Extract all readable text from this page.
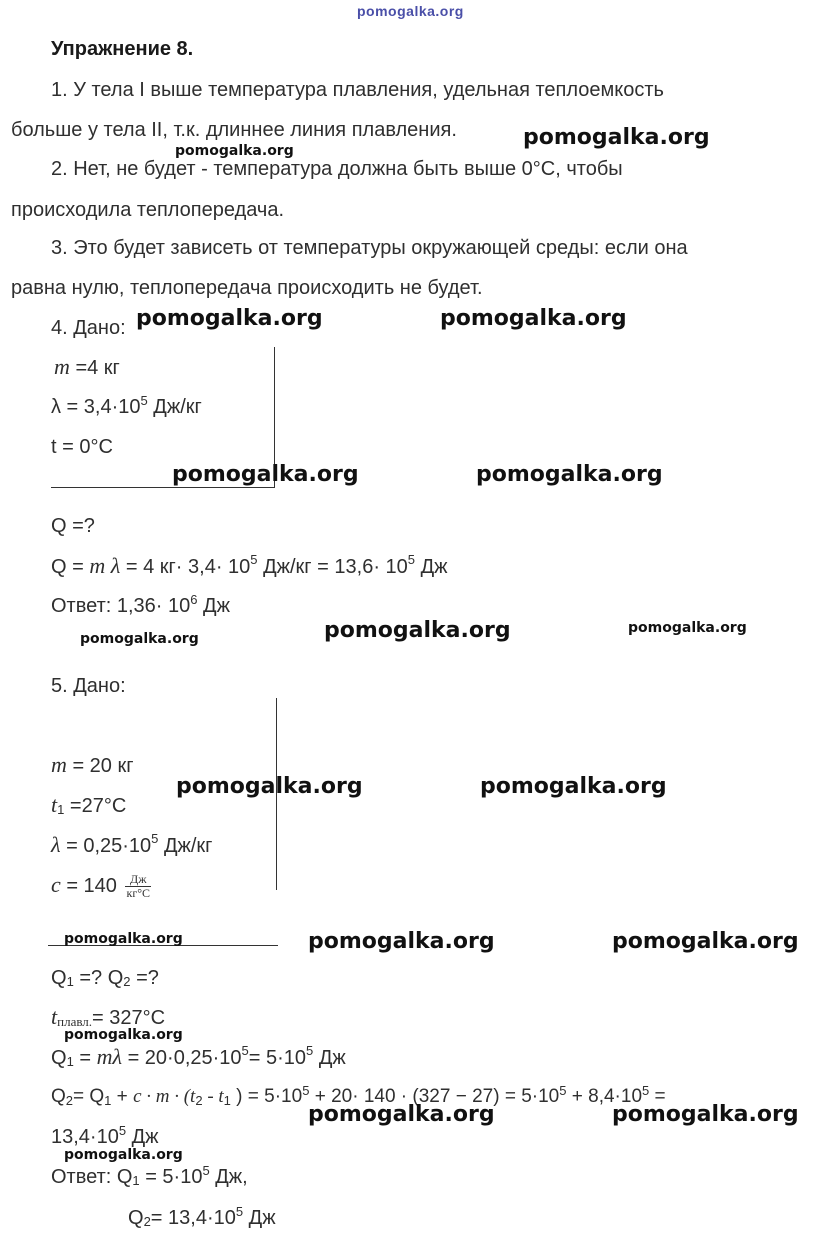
pomogalka.org
Упражнение 8.
1. У тела I выше температура плавления, удельная теплоемкость
больше у тела II, т.к. длиннее линия плавления.
2. Нет, не будет - температура должна быть выше 0°С, чтобы
происходила теплопередача.
3. Это будет зависеть от температуры окружающей среды: если она
равна нулю, теплопередача происходить не будет.
4. Дано:
m =4 кг
$\lambda = 3,4\cdot 10^5$ Дж/кг
t = 0°C
Q =?
Q = m λ = 4 $кг\cdot 3,4\cdot 10^5$ $Дж/кг = 13,6\cdot 10^5$ Дж
Ответ: $1,36\cdot 10^6$ Дж
5. Дано:
m = 20 кг
$t_1 =27^\circ C$
$\lambda = 0,25\cdot 10^5$ Дж/кг
$c = 140 \frac{Дж}{кг^\circ С}$
$Q_1$ =? $Q_2$ =?
$t_{плавл.}= 327^\circ C$
$Q_1 = m\lambda = 20\cdot 0,25\cdot 10^5= 5\cdot 10^5$ Дж
$Q_2= Q_1 + c \cdot m \cdot (t_2 - t_1$ ) = $5\cdot 10^5 + 20\cdot 140 \cdot (327 - 27) = 5\cdot 10^5 + 8,4\cdot 10^5$ =
$13,4\cdot 10^5$ Дж
Ответ: $Q_1 = 5\cdot 10^5$ Дж,
$Q_2= 13,4\cdot 10^5$ Дж
pomogalka.org
pomogalka.org
pomogalka.org	pomogalka.org
pomogalka.org	pomogalka.org
pomogalka.org	pomogalka.org	pomogalka.org
pomogalka.org	pomogalka.org
pomogalka.org	pomogalka.org	pomogalka.org
pomogalka.org
pomogalka.org	pomogalka.org
pomogalka.org
